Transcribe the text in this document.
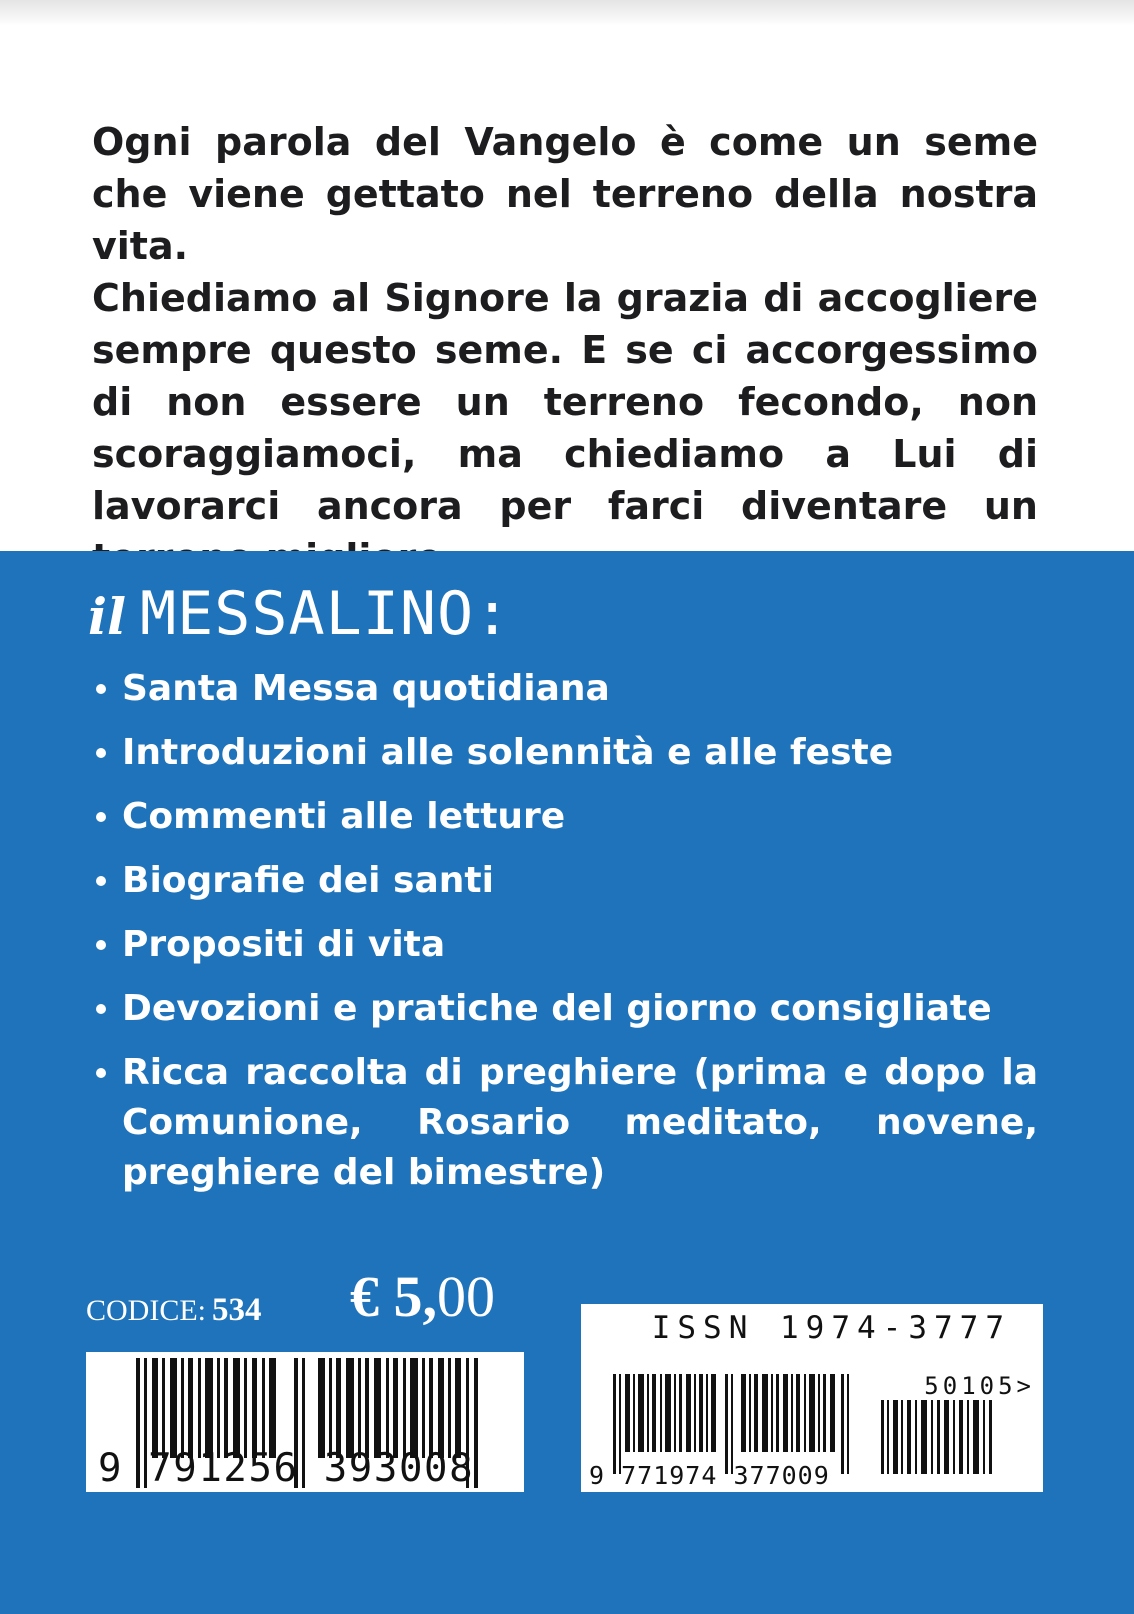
Ogni parola del Vangelo è come un seme che viene gettato nel terreno della nostra vita.

Chiediamo al Signore la grazia di accogliere sempre questo seme. E se ci accorgessimo di non essere un terreno fecondo, non scoraggiamoci, ma chiediamo a Lui di lavorarci ancora per farci diventare un

il MESSALINO:
Santa Messa quotidiana
Introduzioni alle solennità e alle feste
Commenti alle letture
Biografie dei santi
Propositi di vita
Devozioni e pratiche del giorno consigliate
Ricca raccolta di preghiere (prima e dopo la Comunione, Rosario meditato, novene, preghiere del bimestre)
CODICE: 534 € 5,00
9 791256 393008
ISSN 1974-3777
50105>
9 771974 377009
